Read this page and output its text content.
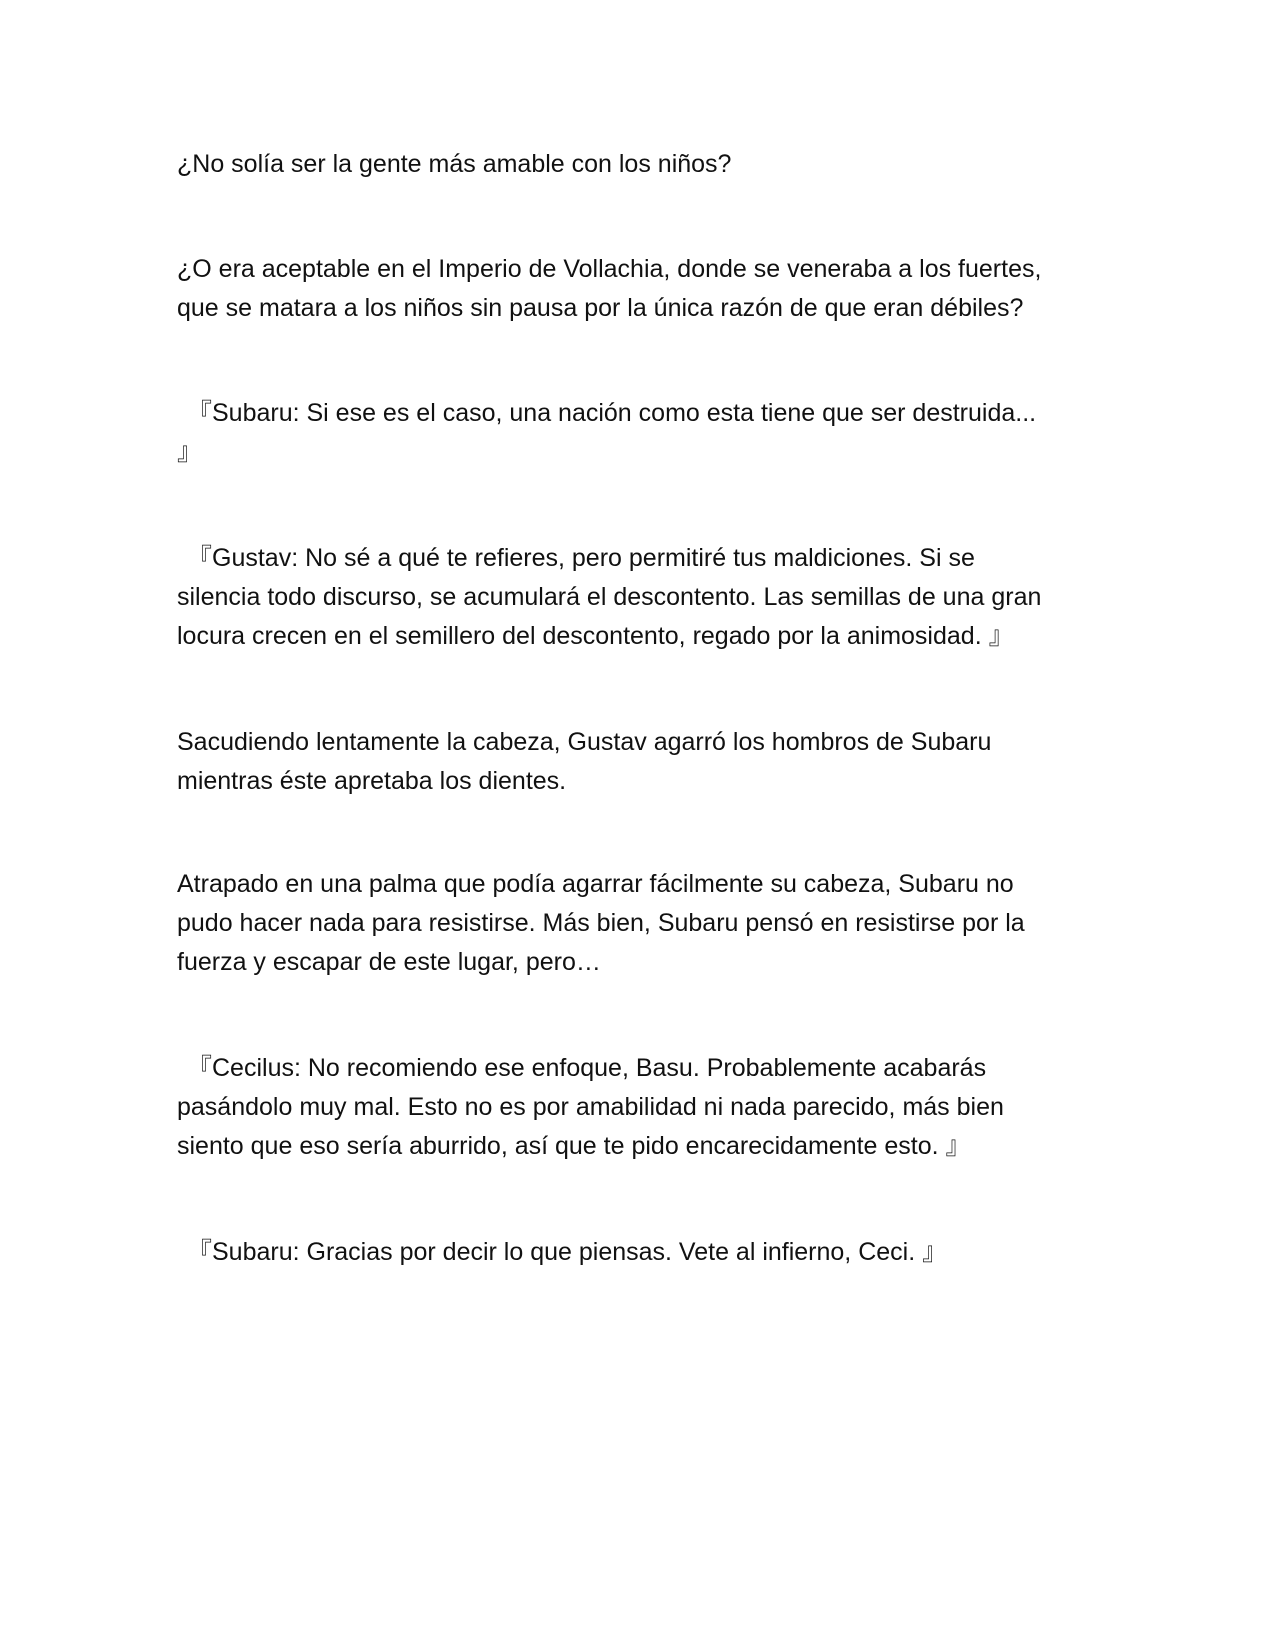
¿No solía ser la gente más amable con los niños?

¿O era aceptable en el Imperio de Vollachia, donde se veneraba a los fuertes,
que se matara a los niños sin pausa por la única razón de que eran débiles?

『Subaru: Si ese es el caso, una nación como esta tiene que ser destruida...
』

『Gustav: No sé a qué te refieres, pero permitiré tus maldiciones. Si se
silencia todo discurso, se acumulará el descontento. Las semillas de una gran
locura crecen en el semillero del descontento, regado por la animosidad. 』

Sacudiendo lentamente la cabeza, Gustav agarró los hombros de Subaru
mientras éste apretaba los dientes.

Atrapado en una palma que podía agarrar fácilmente su cabeza, Subaru no
pudo hacer nada para resistirse. Más bien, Subaru pensó en resistirse por la
fuerza y escapar de este lugar, pero…

『Cecilus: No recomiendo ese enfoque, Basu. Probablemente acabarás
pasándolo muy mal. Esto no es por amabilidad ni nada parecido, más bien
siento que eso sería aburrido, así que te pido encarecidamente esto. 』

『Subaru: Gracias por decir lo que piensas. Vete al infierno, Ceci. 』
